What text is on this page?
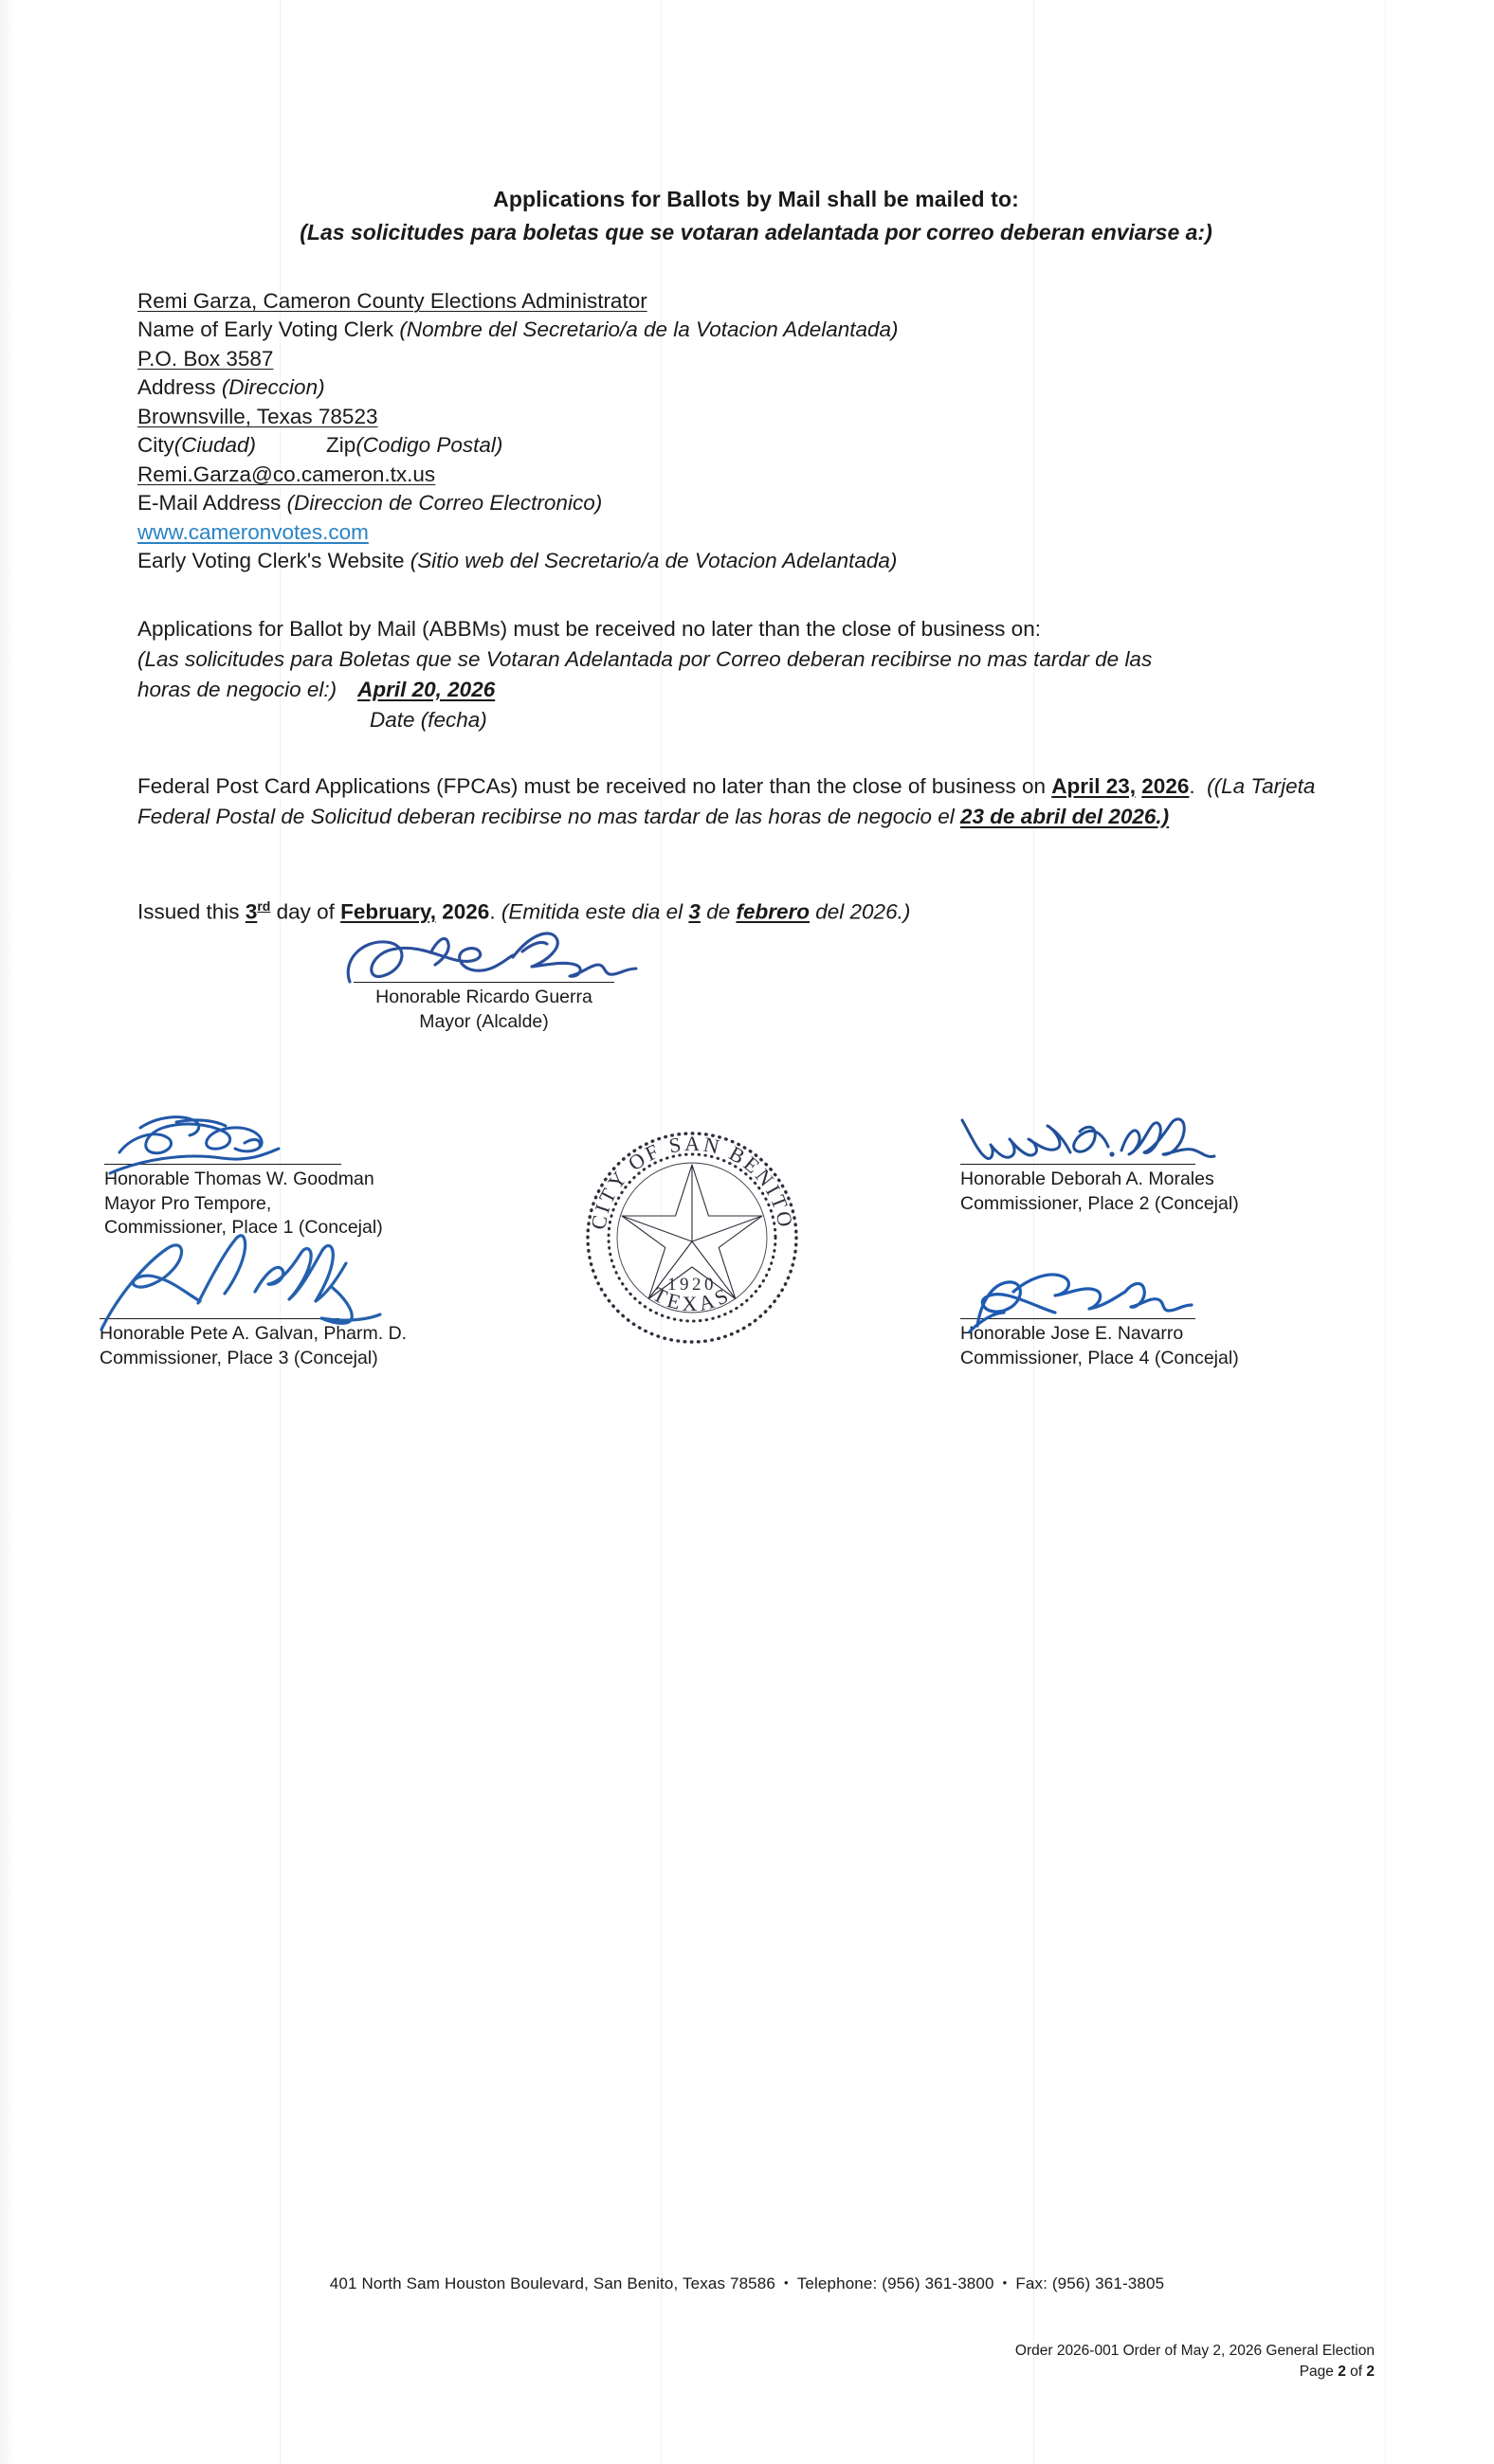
Applications for Ballots by Mail shall be mailed to:
(Las solicitudes para boletas que se votaran adelantada por correo deberan enviarse a:)
Remi Garza, Cameron County Elections Administrator
Name of Early Voting Clerk (Nombre del Secretario/a de la Votacion Adelantada)
P.O. Box 3587
Address (Direccion)
Brownsville, Texas 78523
City(Ciudad)	Zip(Codigo Postal)
Remi.Garza@co.cameron.tx.us
E-Mail Address (Direccion de Correo Electronico)
www.cameronvotes.com
Early Voting Clerk's Website (Sitio web del Secretario/a de Votacion Adelantada)
Applications for Ballot by Mail (ABBMs) must be received no later than the close of business on:
(Las solicitudes para Boletas que se Votaran Adelantada por Correo deberan recibirse no mas tardar de las
horas de negocio el:) April 20, 2026
Date (fecha)
Federal Post Card Applications (FPCAs) must be received no later than the close of business on April 23, 2026. ((La Tarjeta Federal Postal de Solicitud deberan recibirse no mas tardar de las horas de negocio el 23 de abril del 2026.)
Issued this 3rd day of February, 2026. (Emitida este dia el 3 de febrero del 2026.)
CITY OF SAN BENITO
TEXAS
1920
Honorable Ricardo Guerra
Mayor (Alcalde)
Honorable Thomas W. Goodman
Mayor Pro Tempore,
Commissioner, Place 1 (Concejal)
Honorable Deborah A. Morales
Commissioner, Place 2 (Concejal)
Honorable Pete A. Galvan, Pharm. D.
Commissioner, Place 3 (Concejal)
Honorable Jose E. Navarro
Commissioner, Place 4 (Concejal)
401 North Sam Houston Boulevard, San Benito, Texas 78586 • Telephone: (956) 361-3800 • Fax: (956) 361-3805
Order 2026-001 Order of May 2, 2026 General Election
Page 2 of 2
